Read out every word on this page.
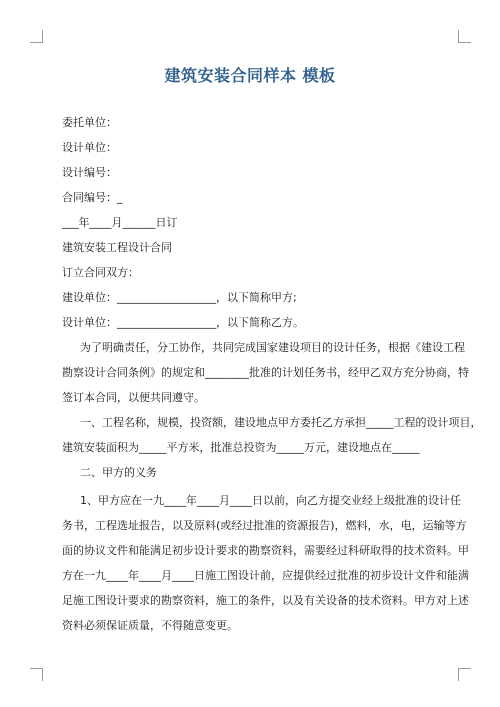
建筑安装合同样本 模板
委托单位：
设计单位：
设计编号：
合同编号：_
___年____月______日订
建筑安装工程设计合同
订立合同双方：
建设单位：__________________，以下简称甲方;
设计单位：__________________，以下简称乙方。
为了明确责任，分工协作，共同完成国家建设项目的设计任务，根据《建设工程
勘察设计合同条例》的规定和________批准的计划任务书，经甲乙双方充分协商，特
签订本合同，以便共同遵守。
一、工程名称，规模，投资额，建设地点甲方委托乙方承担_____工程的设计项目，
建筑安装面积为_____平方米，批准总投资为_____万元，建设地点在_____
二、甲方的义务
1、甲方应在一九____年____月____日以前，向乙方提交业经上级批准的设计任
务书，工程选址报告，以及原料(或经过批准的资源报告)，燃料，水，电，运输等方
面的协议文件和能满足初步设计要求的勘察资料，需要经过科研取得的技术资料。甲
方在一九____年____月____日施工图设计前，应提供经过批准的初步设计文件和能满
足施工图设计要求的勘察资料，施工的条件，以及有关设备的技术资料。甲方对上述
资料必须保证质量，不得随意变更。
